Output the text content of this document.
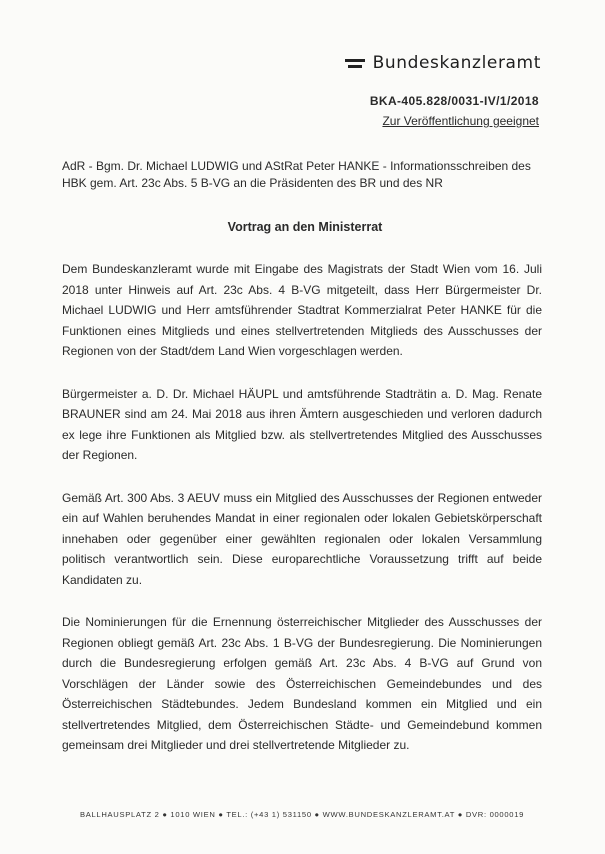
Bundeskanzleramt
BKA-405.828/0031-IV/1/2018
Zur Veröffentlichung geeignet
AdR - Bgm. Dr. Michael LUDWIG und AStRat Peter HANKE - Informationsschreiben des HBK gem. Art. 23c Abs. 5 B-VG an die Präsidenten des BR und des NR
Vortrag an den Ministerrat

Dem Bundeskanzleramt wurde mit Eingabe des Magistrats der Stadt Wien vom 16. Juli 2018 unter Hinweis auf Art. 23c Abs. 4 B-VG mitgeteilt, dass Herr Bürgermeister Dr. Michael LUDWIG und Herr amtsführender Stadtrat Kommerzialrat Peter HANKE für die Funktionen eines Mitglieds und eines stellvertretenden Mitglieds des Ausschusses der Regionen von der Stadt/dem Land Wien vorgeschlagen werden.

Bürgermeister a. D. Dr. Michael HÄUPL und amtsführende Stadträtin a. D. Mag. Renate BRAUNER sind am 24. Mai 2018 aus ihren Ämtern ausgeschieden und verloren dadurch ex lege ihre Funktionen als Mitglied bzw. als stellvertretendes Mitglied des Ausschusses der Regionen.

Gemäß Art. 300 Abs. 3 AEUV muss ein Mitglied des Ausschusses der Regionen entweder ein auf Wahlen beruhendes Mandat in einer regionalen oder lokalen Gebietskörperschaft innehaben oder gegenüber einer gewählten regionalen oder lokalen Versammlung politisch verantwortlich sein. Diese europarechtliche Voraussetzung trifft auf beide Kandidaten zu.

Die Nominierungen für die Ernennung österreichischer Mitglieder des Ausschusses der Regionen obliegt gemäß Art. 23c Abs. 1 B-VG der Bundesregierung. Die Nominierungen durch die Bundesregierung erfolgen gemäß Art. 23c Abs. 4 B-VG auf Grund von Vorschlägen der Länder sowie des Österreichischen Gemeindebundes und des Österreichischen Städtebundes. Jedem Bundesland kommen ein Mitglied und ein stellvertretendes Mitglied, dem Österreichischen Städte- und Gemeindebund kommen gemeinsam drei Mitglieder und drei stellvertretende Mitglieder zu.

BALLHAUSPLATZ 2 ● 1010 WIEN ● TEL.: (+43 1) 531150 ● WWW.BUNDESKANZLERAMT.AT ● DVR: 0000019
